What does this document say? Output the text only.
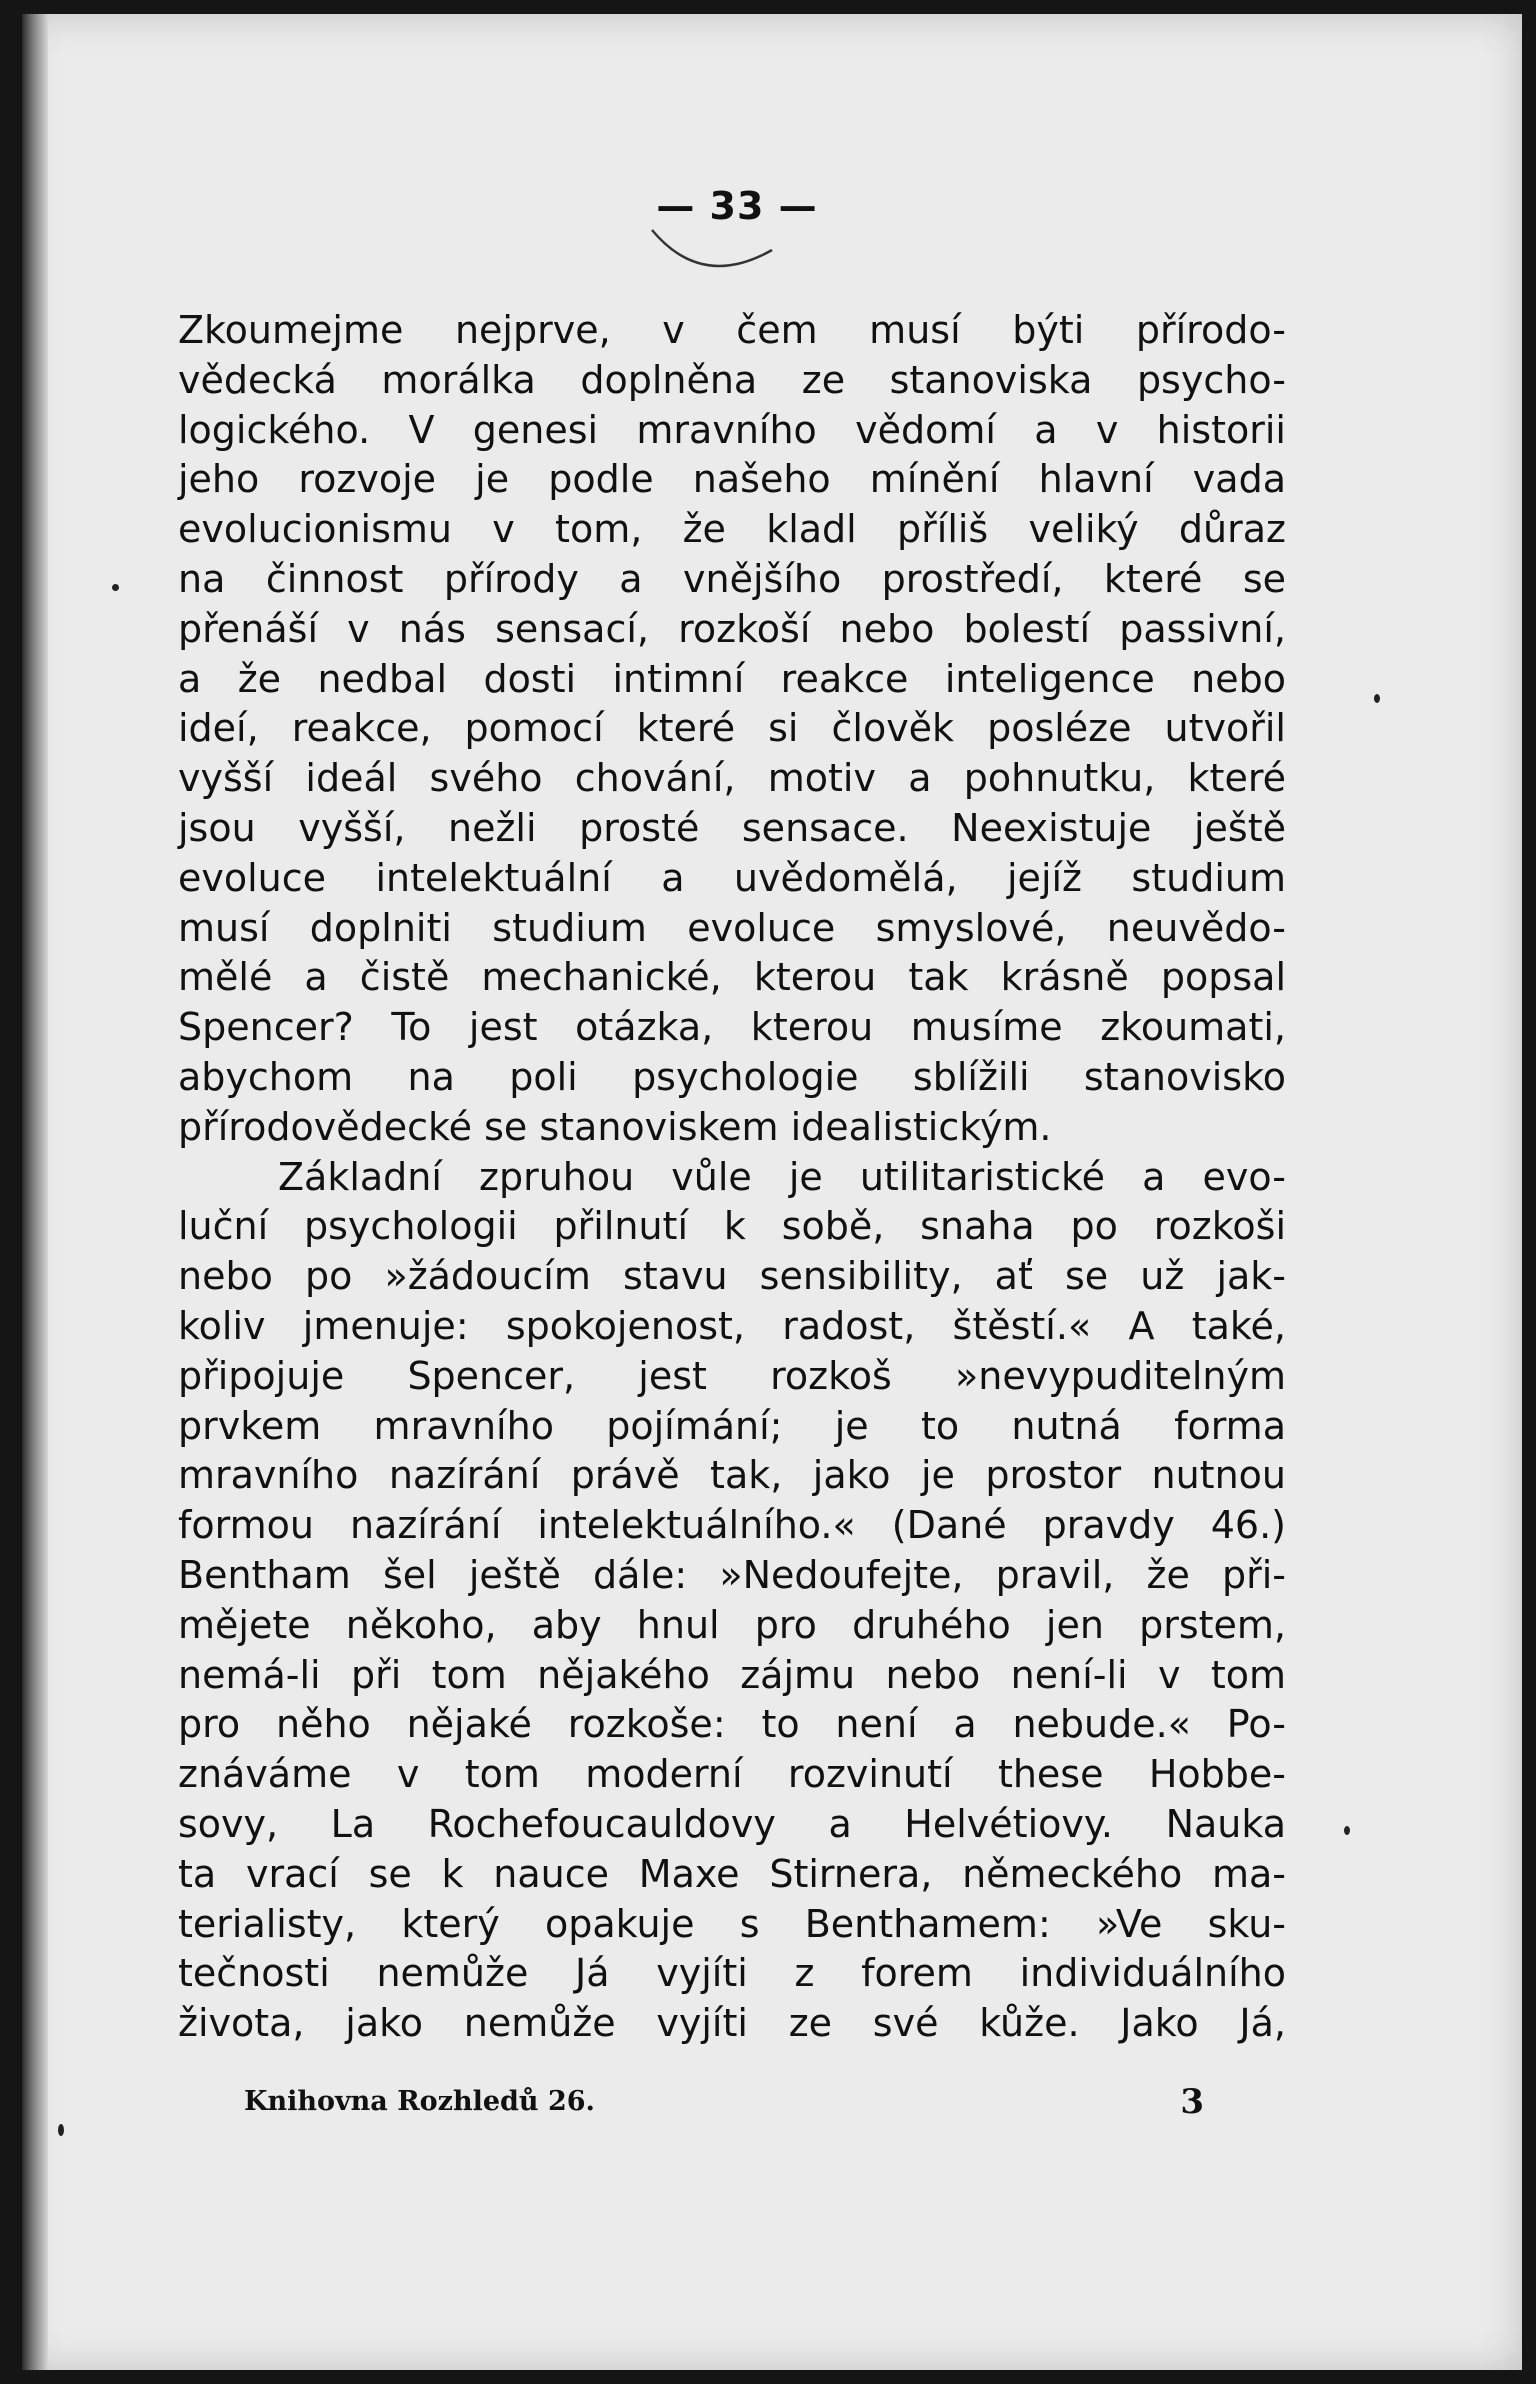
— 33 —
Zkoumejme nejprve, v čem musí býti přírodo-
vědecká morálka doplněna ze stanoviska psycho-
logického. V genesi mravního vědomí a v historii
jeho rozvoje je podle našeho mínění hlavní vada
evolucionismu v tom, že kladl příliš veliký důraz
na činnost přírody a vnějšího prostředí, které se
přenáší v nás sensací, rozkoší nebo bolestí passivní,
a že nedbal dosti intimní reakce inteligence nebo
ideí, reakce, pomocí které si člověk posléze utvořil
vyšší ideál svého chování, motiv a pohnutku, které
jsou vyšší, nežli prosté sensace. Neexistuje ještě
evoluce intelektuální a uvědomělá, jejíž studium
musí doplniti studium evoluce smyslové, neuvědo-
mělé a čistě mechanické, kterou tak krásně popsal
Spencer? To jest otázka, kterou musíme zkoumati,
abychom na poli psychologie sblížili stanovisko
přírodovědecké se stanoviskem idealistickým.
Základní zpruhou vůle je utilitaristické a evo-
luční psychologii přilnutí k sobě, snaha po rozkoši
nebo po »žádoucím stavu sensibility, ať se už jak-
koliv jmenuje: spokojenost, radost, štěstí.« A také,
připojuje Spencer, jest rozkoš »nevypuditelným
prvkem mravního pojímání; je to nutná forma
mravního nazírání právě tak, jako je prostor nutnou
formou nazírání intelektuálního.« (Dané pravdy 46.)
Bentham šel ještě dále: »Nedoufejte, pravil, že při-
mějete někoho, aby hnul pro druhého jen prstem,
nemá-li při tom nějakého zájmu nebo není-li v tom
pro něho nějaké rozkoše: to není a nebude.« Po-
znáváme v tom moderní rozvinutí these Hobbe-
sovy, La Rochefoucauldovy a Helvétiovy. Nauka
ta vrací se k nauce Maxe Stirnera, německého ma-
terialisty, který opakuje s Benthamem: »Ve sku-
tečnosti nemůže Já vyjíti z forem individuálního
života, jako nemůže vyjíti ze své kůže. Jako Já,
Knihovna Rozhledů 26.	3
